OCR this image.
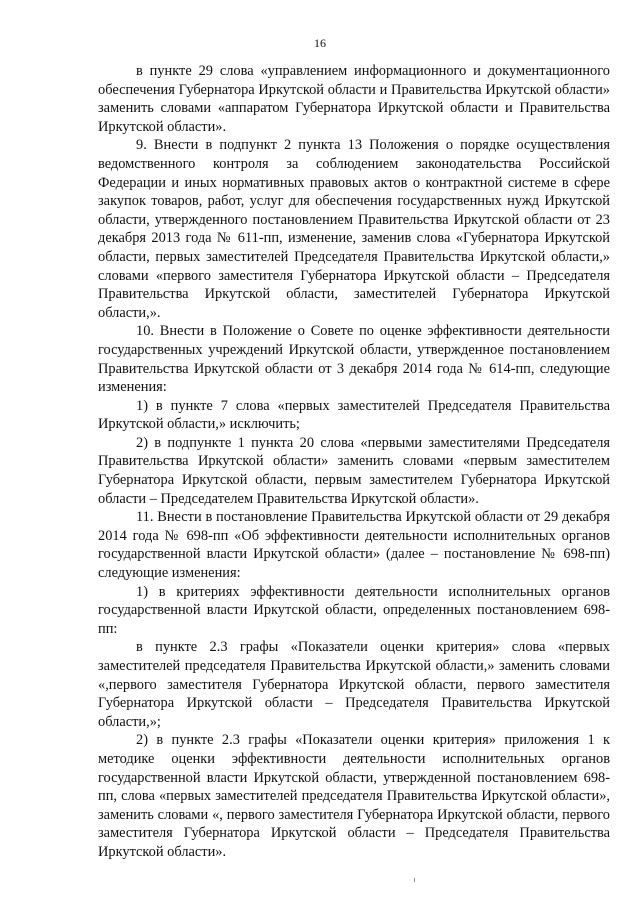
16

в пункте 29 слова «управлением информационного и документационного обеспечения Губернатора Иркутской области и Правительства Иркутской области» заменить словами «аппаратом Губернатора Иркутской области и Правительства Иркутской области».

9. Внести в подпункт 2 пункта 13 Положения о порядке осуществления ведомственного контроля за соблюдением законодательства Российской Федерации и иных нормативных правовых актов о контрактной системе в сфере закупок товаров, работ, услуг для обеспечения государственных нужд Иркутской области, утвержденного постановлением Правительства Иркутской области от 23 декабря 2013 года № 611-пп, изменение, заменив слова «Губернатора Иркутской области, первых заместителей Председателя Правительства Иркутской области,» словами «первого заместителя Губернатора Иркутской области – Председателя Правительства Иркутской области, заместителей Губернатора Иркутской области,».

10. Внести в Положение о Совете по оценке эффективности деятельности государственных учреждений Иркутской области, утвержденное постановлением Правительства Иркутской области от 3 декабря 2014 года № 614-пп, следующие изменения:

1) в пункте 7 слова «первых заместителей Председателя Правительства Иркутской области,» исключить;

2) в подпункте 1 пункта 20 слова «первыми заместителями Председателя Правительства Иркутской области» заменить словами «первым заместителем Губернатора Иркутской области, первым заместителем Губернатора Иркутской области – Председателем Правительства Иркутской области».

11. Внести в постановление Правительства Иркутской области от 29 декабря 2014 года № 698-пп «Об эффективности деятельности исполнительных органов государственной власти Иркутской области» (далее – постановление № 698-пп) следующие изменения:

1) в критериях эффективности деятельности исполнительных органов государственной власти Иркутской области, определенных постановлением 698-пп:

в пункте 2.3 графы «Показатели оценки критерия» слова «первых заместителей председателя Правительства Иркутской области,» заменить словами «,первого заместителя Губернатора Иркутской области, первого заместителя Губернатора Иркутской области – Председателя Правительства Иркутской области,»;

2) в пункте 2.3 графы «Показатели оценки критерия» приложения 1 к методике оценки эффективности деятельности исполнительных органов государственной власти Иркутской области, утвержденной постановлением 698-пп, слова «первых заместителей председателя Правительства Иркутской области», заменить словами «, первого заместителя Губернатора Иркутской области, первого заместителя Губернатора Иркутской области – Председателя Правительства Иркутской области».
